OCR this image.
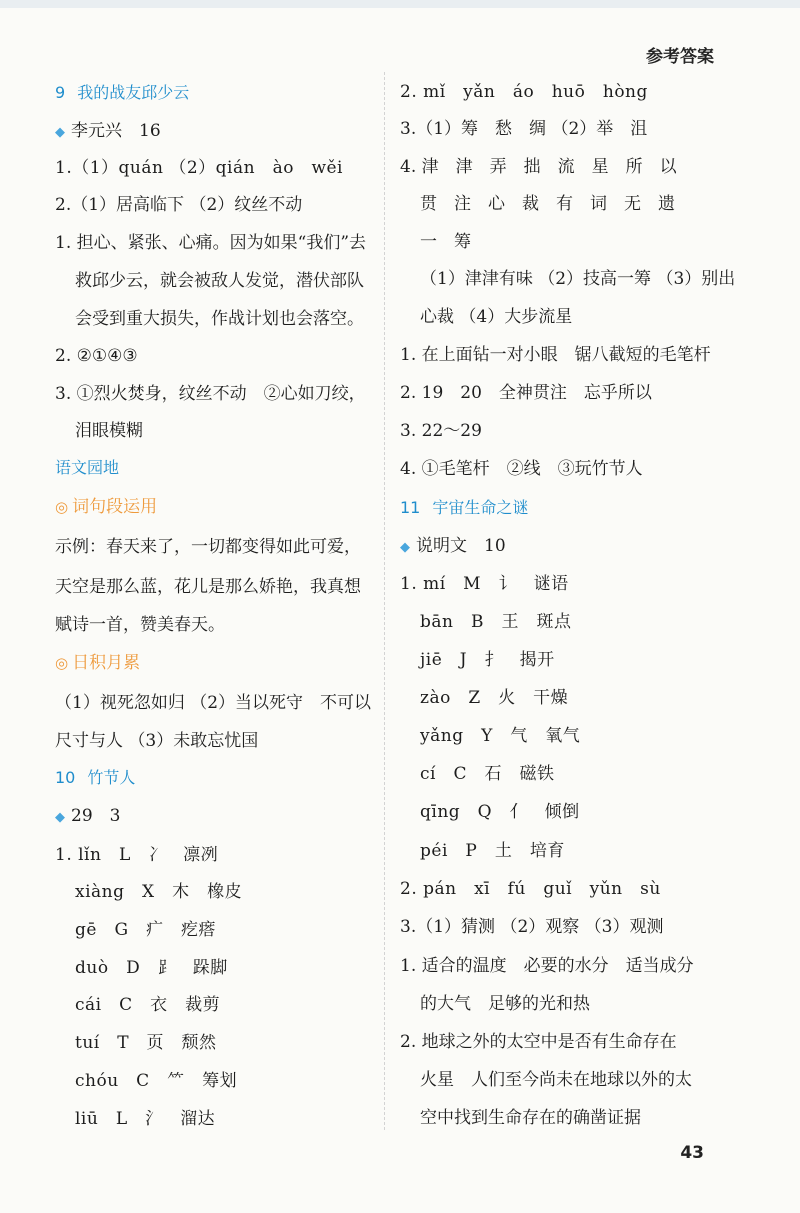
参考答案
9 我的战友邱少云
◆ 李元兴　16
1.（1）quán （2）qián　ào　wěi
2.（1）居高临下 （2）纹丝不动
1. 担心、紧张、心痛。因为如果“我们”去
救邱少云，就会被敌人发觉，潜伏部队
会受到重大损失，作战计划也会落空。
2. ②①④③
3. ①烈火焚身，纹丝不动　②心如刀绞，
泪眼模糊
语文园地
◎ 词句段运用
示例：春天来了，一切都变得如此可爱，
天空是那么蓝，花儿是那么娇艳，我真想
赋诗一首，赞美春天。
◎ 日积月累
（1）视死忽如归 （2）当以死守　不可以
尺寸与人 （3）未敢忘忧国
10 竹节人
◆ 29　3
1. lǐn　L　冫　凛冽
xiàng　X　木　橡皮
gē　G　疒　疙瘩
duò　D　⻊　跺脚
cái　C　衣　裁剪
tuí　T　页　颓然
chóu　C　⺮　筹划
liū　L　氵　溜达
2. mǐ　yǎn　áo　huō　hòng
3.（1）筹　愁　绸 （2）举　沮
4. 津　津　弄　拙　流　星　所　以
贯　注　心　裁　有　词　无　遗
一　筹
（1）津津有味 （2）技高一筹 （3）别出
心裁 （4）大步流星
1. 在上面钻一对小眼　锯八截短的毛笔杆
2. 19　20　全神贯注　忘乎所以
3. 22～29
4. ①毛笔杆　②线　③玩竹节人
11 宇宙生命之谜
◆ 说明文　10
1. mí　M　讠　谜语
bān　B　王　斑点
jiē　J　扌　揭开
zào　Z　火　干燥
yǎng　Y　气　氧气
cí　C　石　磁铁
qīng　Q　亻　倾倒
péi　P　土　培育
2. pán　xī　fú　guǐ　yǔn　sù
3.（1）猜测 （2）观察 （3）观测
1. 适合的温度　必要的水分　适当成分
的大气　足够的光和热
2. 地球之外的太空中是否有生命存在
火星　人们至今尚未在地球以外的太
空中找到生命存在的确凿证据
43
